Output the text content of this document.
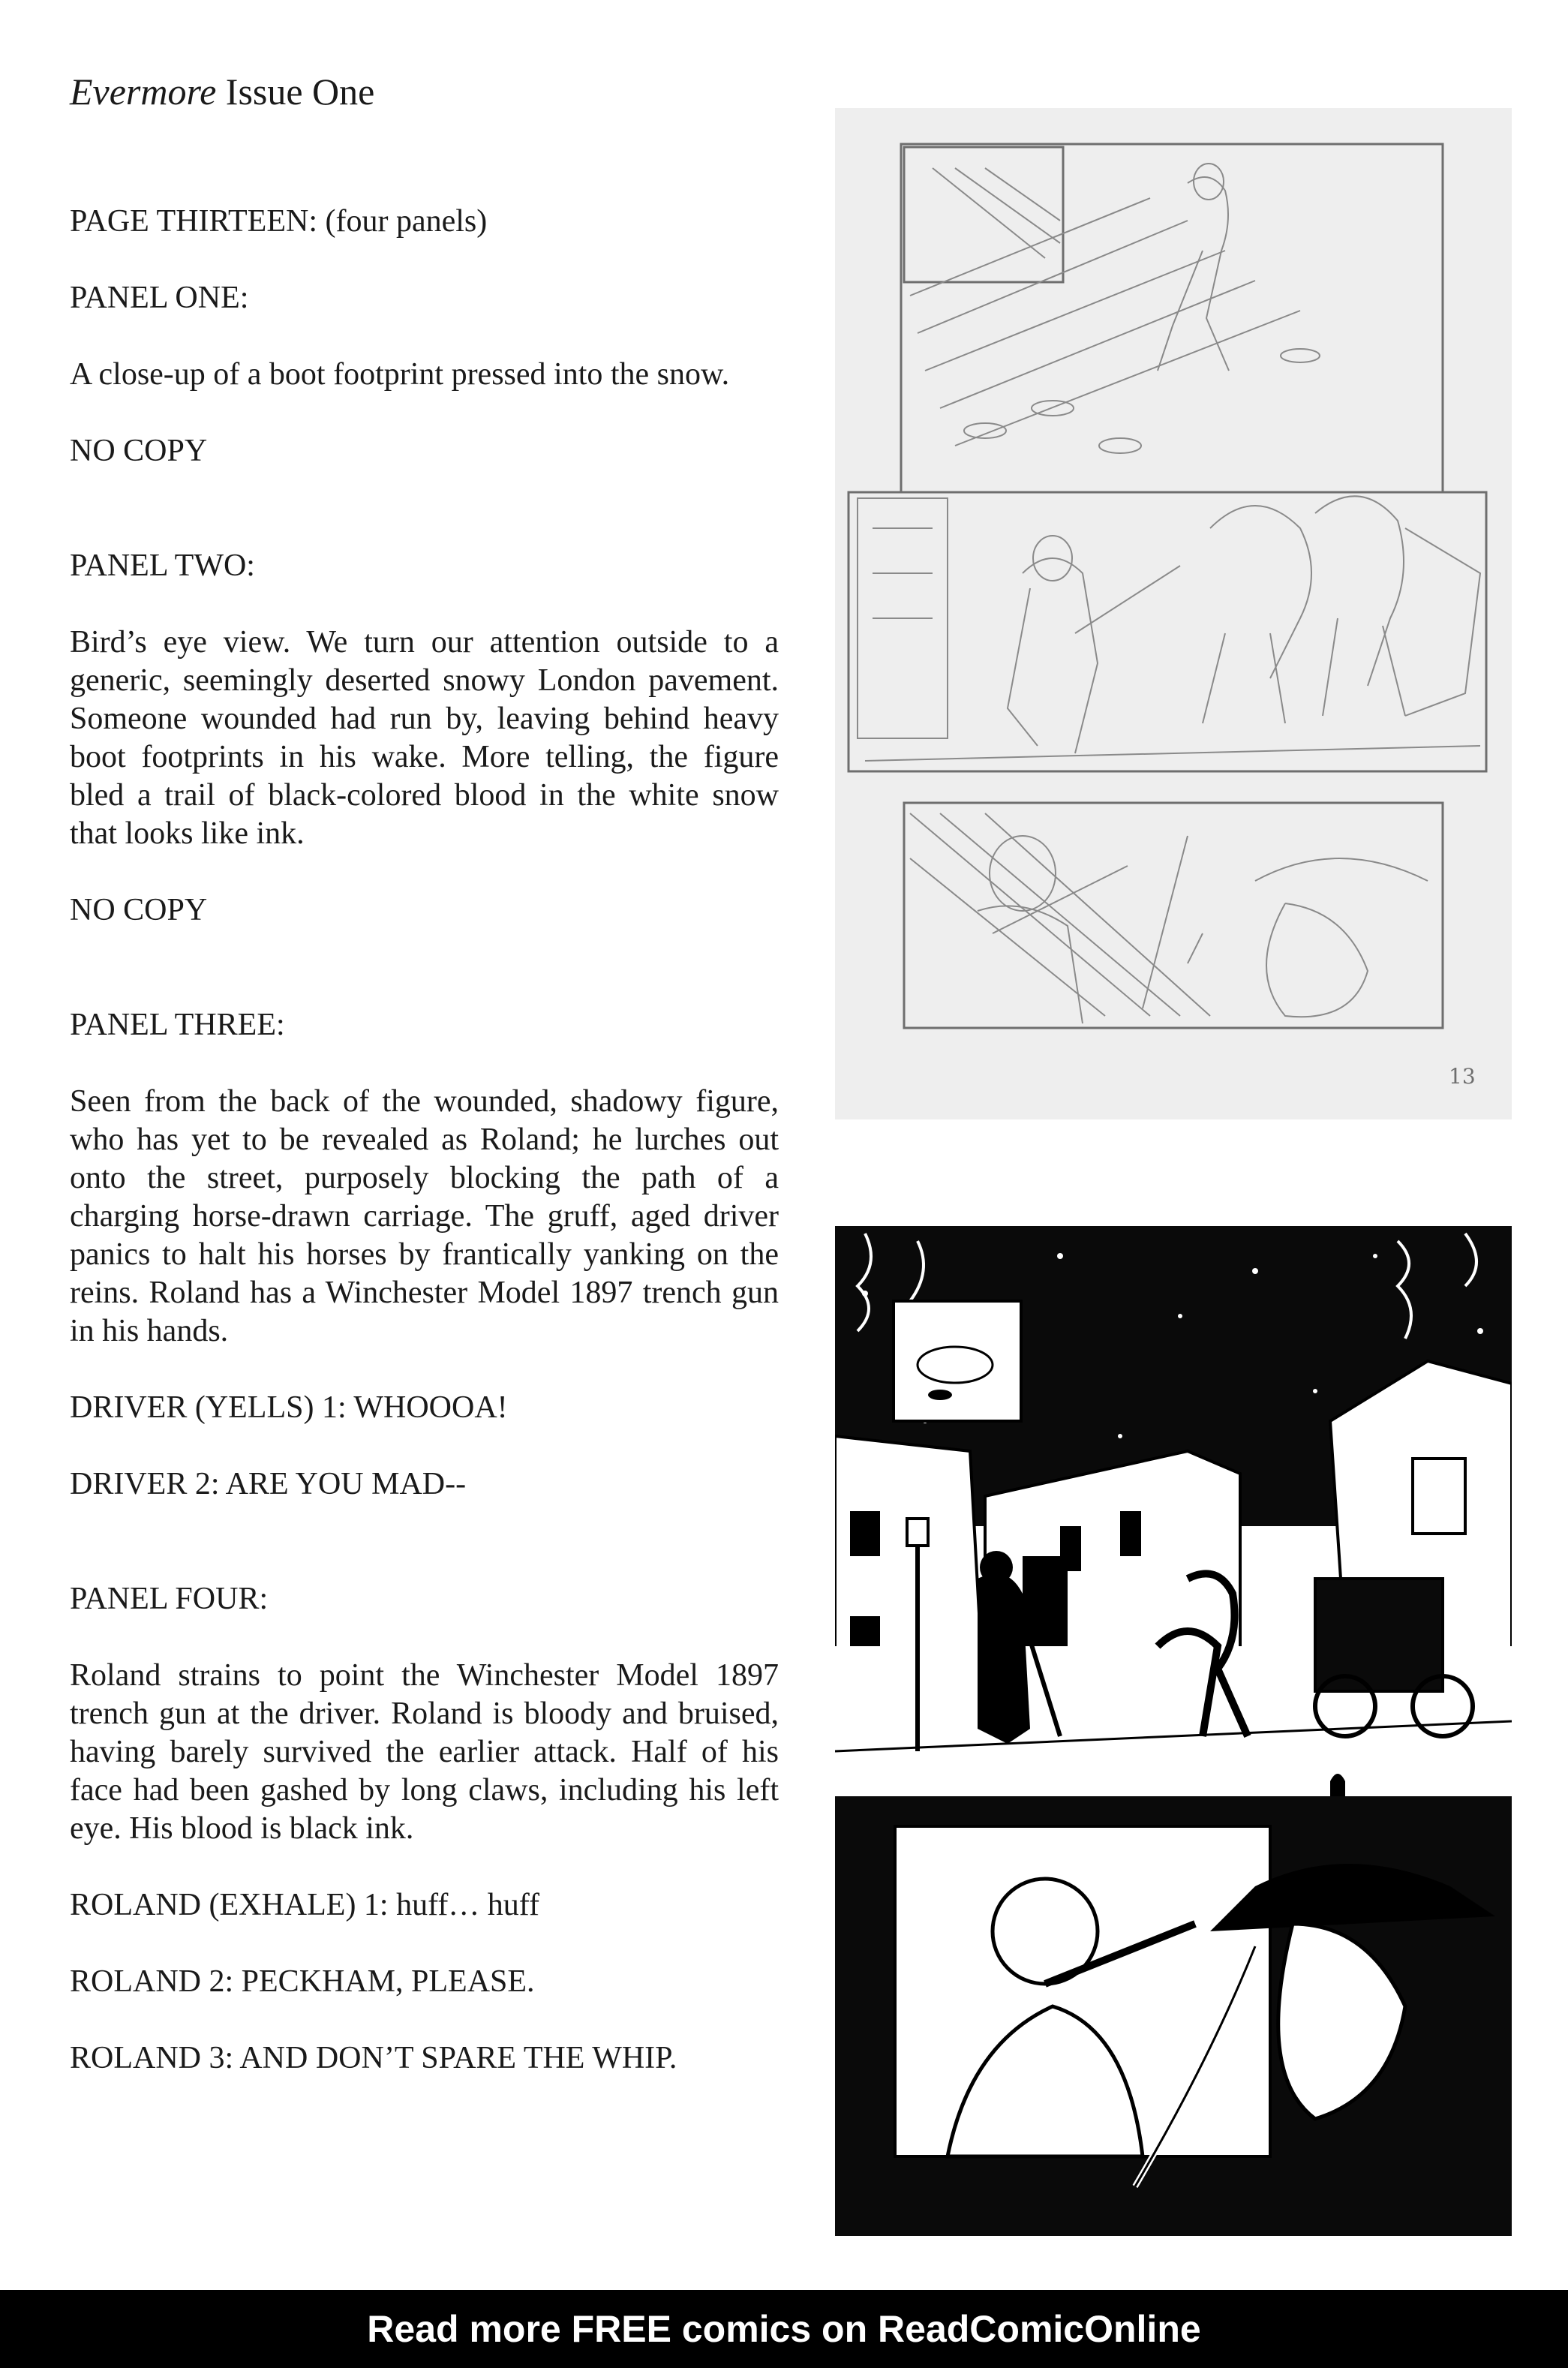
Evermore Issue One

PAGE THIRTEEN: (four panels)

PANEL ONE:

A close-up of a boot footprint pressed into the snow.

NO COPY

PANEL TWO:

Bird’s eye view. We turn our attention outside to a generic, seemingly deserted snowy London pavement. Someone wounded had run by, leaving behind heavy boot footprints in his wake. More telling, the figure bled a trail of black-colored blood in the white snow that looks like ink.

NO COPY

PANEL THREE:

Seen from the back of the wounded, shadowy figure, who has yet to be revealed as Roland; he lurches out onto the street, purposely blocking the path of a charging horse-drawn carriage. The gruff, aged driver panics to halt his horses by frantically yanking on the reins. Roland has a Winchester Model 1897 trench gun in his hands.

DRIVER (YELLS) 1: WHOOOA!

DRIVER 2: ARE YOU MAD--

PANEL FOUR:

Roland strains to point the Winchester Model 1897 trench gun at the driver. Roland is bloody and bruised, having barely survived the earlier attack. Half of his face had been gashed by long claws, including his left eye. His blood is black ink.

ROLAND (EXHALE) 1: huff… huff

ROLAND 2: PECKHAM, PLEASE.

ROLAND 3: AND DON’T SPARE THE WHIP.

13
Read more FREE comics on ReadComicOnline
